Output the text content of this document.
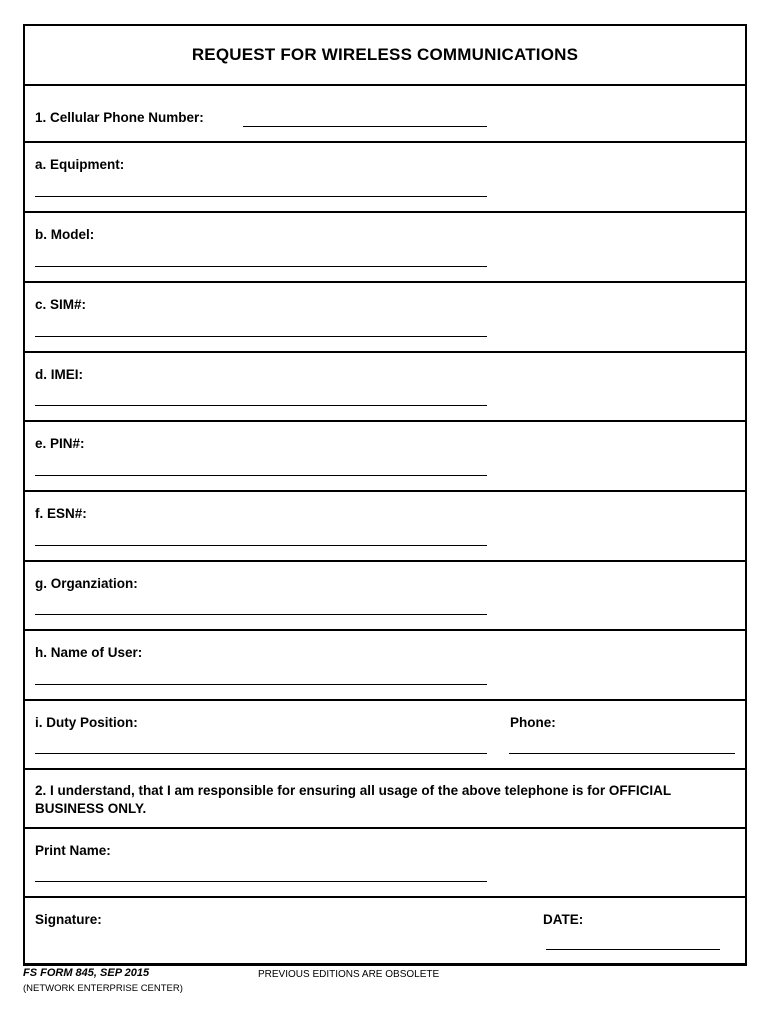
REQUEST FOR WIRELESS COMMUNICATIONS
1. Cellular Phone Number:
a. Equipment:
b. Model:
c. SIM#:
d. IMEI:
e. PIN#:
f. ESN#:
g. Organziation:
h. Name of User:
i. Duty Position:	Phone:
2. I understand, that I am responsible for ensuring all usage of the above telephone is for OFFICIAL BUSINESS ONLY.
Print Name:
Signature:	DATE:
FS FORM 845, SEP 2015
(NETWORK ENTERPRISE CENTER)
PREVIOUS EDITIONS ARE OBSOLETE
